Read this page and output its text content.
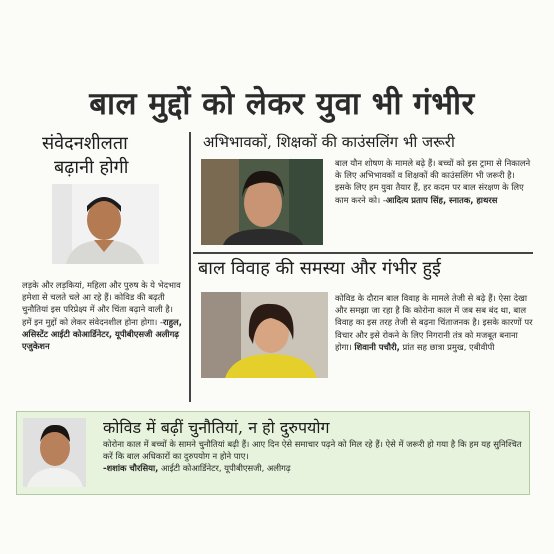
बाल मुद्दों को लेकर युवा भी गंभीर
संवेदनशीलता
बढ़ानी होगी
लड़के और लड़कियां, महिला और पुरुष के ये भेदभाव हमेशा से चलते चले आ रहे हैं। कोविड की बढ़ती चुनौतियां इस परिप्रेक्ष्य में और चिंता बढ़ाने वाली है। हमें इन मुद्दों को लेकर संवेदनशील होना होगा। -राहुल, असिस्टेंट आईटी कोआर्डिनेटर, यूपीबीएसजी अलीगढ़ एजुकेशन
अभिभावकों, शिक्षकों की काउंसलिंग भी जरूरी
बाल यौन शोषण के मामले बढ़े हैं। बच्चों को इस ट्रामा से निकालने के लिए अभिभावकों व शिक्षकों की काउंसलिंग भी जरूरी है। इसके लिए हम युवा तैयार हैं, हर कदम पर बाल संरक्षण के लिए काम करने को। -आदित्य प्रताप सिंह, स्नातक, हाथरस
बाल विवाह की समस्या और गंभीर हुई
कोविड के दौरान बाल विवाह के मामले तेजी से बढ़े हैं। ऐसा देखा और समझा जा रहा है कि कोरोना काल में जब सब बंद था, बाल विवाह का इस तरह तेजी से बढ़ना चिंताजनक है। इसके कारणों पर विचार और इसे रोकने के लिए निगरानी तंत्र को मजबूत बनाना होगा। शिवानी पचौरी, प्रांत सह छात्रा प्रमुख, एबीवीपी
कोविड में बढ़ीं चुनौतियां, न हो दुरुपयोग
कोरोना काल में बच्चों के सामने चुनौतियां बढ़ी हैं। आए दिन ऐसे समाचार पढ़ने को मिल रहे हैं। ऐसे में जरूरी हो गया है कि हम यह सुनिश्चित करें कि बाल अधिकारों का दुरुपयोग न होने पाए।
-शशांक चौरसिया, आईटी कोआर्डिनेटर, यूपीबीएसजी, अलीगढ़
